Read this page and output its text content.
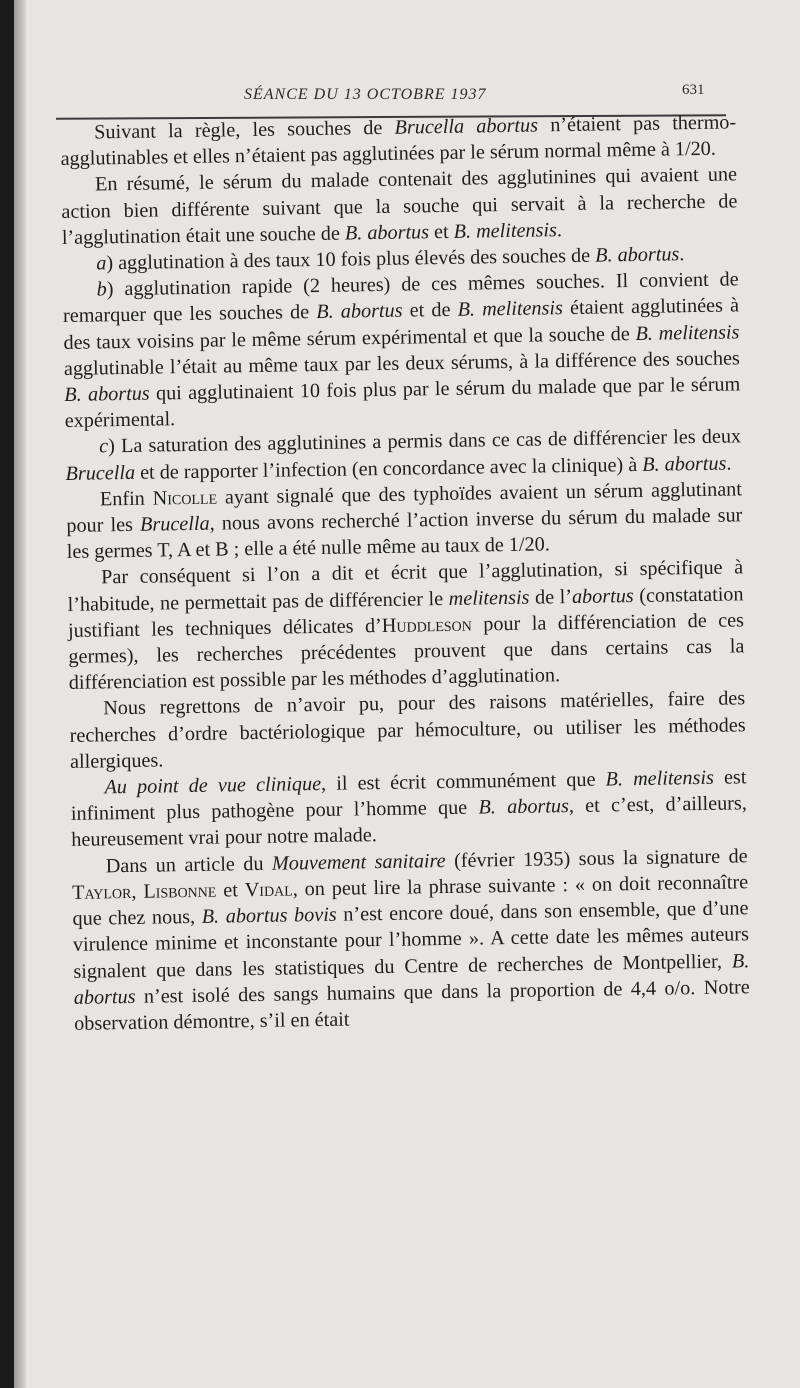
SÉANCE DU 13 OCTOBRE 1937	631

Suivant la règle, les souches de Brucella abortus n’étaient pas thermo-agglutinables et elles n’étaient pas agglutinées par le sérum normal même à 1/20.

En résumé, le sérum du malade contenait des agglutinines qui avaient une action bien différente suivant que la souche qui servait à la recherche de l’agglutination était une souche de B. abortus et B. melitensis.

a) agglutination à des taux 10 fois plus élevés des souches de B. abortus.

b) agglutination rapide (2 heures) de ces mêmes souches. Il convient de remarquer que les souches de B. abortus et de B. melitensis étaient agglutinées à des taux voisins par le même sérum expérimental et que la souche de B. melitensis agglutinable l’était au même taux par les deux sérums, à la différence des souches B. abortus qui agglutinaient 10 fois plus par le sérum du malade que par le sérum expérimental.

c) La saturation des agglutinines a permis dans ce cas de différencier les deux Brucella et de rapporter l’infection (en concordance avec la clinique) à B. abortus.

Enfin Nicolle ayant signalé que des typhoïdes avaient un sérum agglutinant pour les Brucella, nous avons recherché l’action inverse du sérum du malade sur les germes T, A et B ; elle a été nulle même au taux de 1/20.

Par conséquent si l’on a dit et écrit que l’agglutination, si spécifique à l’habitude, ne permettait pas de différencier le melitensis de l’abortus (constatation justifiant les techniques délicates d’Huddleson pour la différenciation de ces germes), les recherches précédentes prouvent que dans certains cas la différenciation est possible par les méthodes d’agglutination.

Nous regrettons de n’avoir pu, pour des raisons matérielles, faire des recherches d’ordre bactériologique par hémoculture, ou utiliser les méthodes allergiques.

Au point de vue clinique, il est écrit communément que B. melitensis est infiniment plus pathogène pour l’homme que B. abortus, et c’est, d’ailleurs, heureusement vrai pour notre malade.

Dans un article du Mouvement sanitaire (février 1935) sous la signature de Taylor, Lisbonne et Vidal, on peut lire la phrase suivante : « on doit reconnaître que chez nous, B. abortus bovis n’est encore doué, dans son ensemble, que d’une virulence minime et inconstante pour l’homme ». A cette date les mêmes auteurs signalent que dans les statistiques du Centre de recherches de Montpellier, B. abortus n’est isolé des sangs humains que dans la proportion de 4,4 o/o. Notre observation démontre, s’il en était
